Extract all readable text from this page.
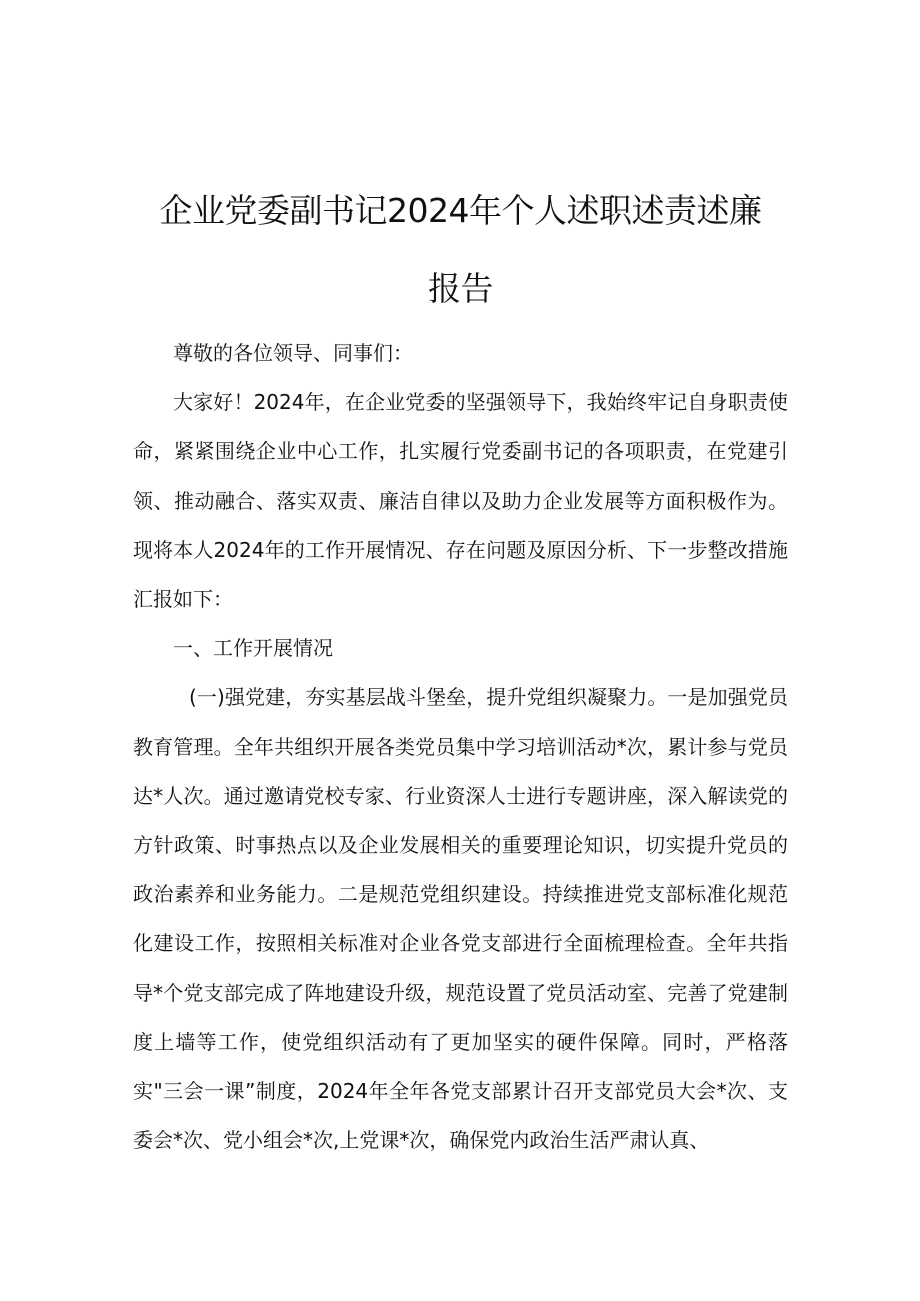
企业党委副书记2024年个人述职述责述廉
报告

尊敬的各位领导、同事们：

大家好！2024年，在企业党委的坚强领导下，我始终牢记自身职责使命，紧紧围绕企业中心工作，扎实履行党委副书记的各项职责，在党建引领、推动融合、落实双责、廉洁自律以及助力企业发展等方面积极作为。现将本人2024年的工作开展情况、存在问题及原因分析、下一步整改措施汇报如下：

一、工作开展情况

(一)强党建，夯实基层战斗堡垒，提升党组织凝聚力。一是加强党员教育管理。全年共组织开展各类党员集中学习培训活动*次，累计参与党员达*人次。通过邀请党校专家、行业资深人士进行专题讲座，深入解读党的方针政策、时事热点以及企业发展相关的重要理论知识，切实提升党员的政治素养和业务能力。二是规范党组织建设。持续推进党支部标准化规范化建设工作，按照相关标准对企业各党支部进行全面梳理检查。全年共指导*个党支部完成了阵地建设升级，规范设置了党员活动室、完善了党建制度上墙等工作，使党组织活动有了更加坚实的硬件保障。同时，严格落实"三会一课”制度，2024年全年各党支部累计召开支部党员大会*次、支委会*次、党小组会*次,上党课*次，确保党内政治生活严肃认真、
